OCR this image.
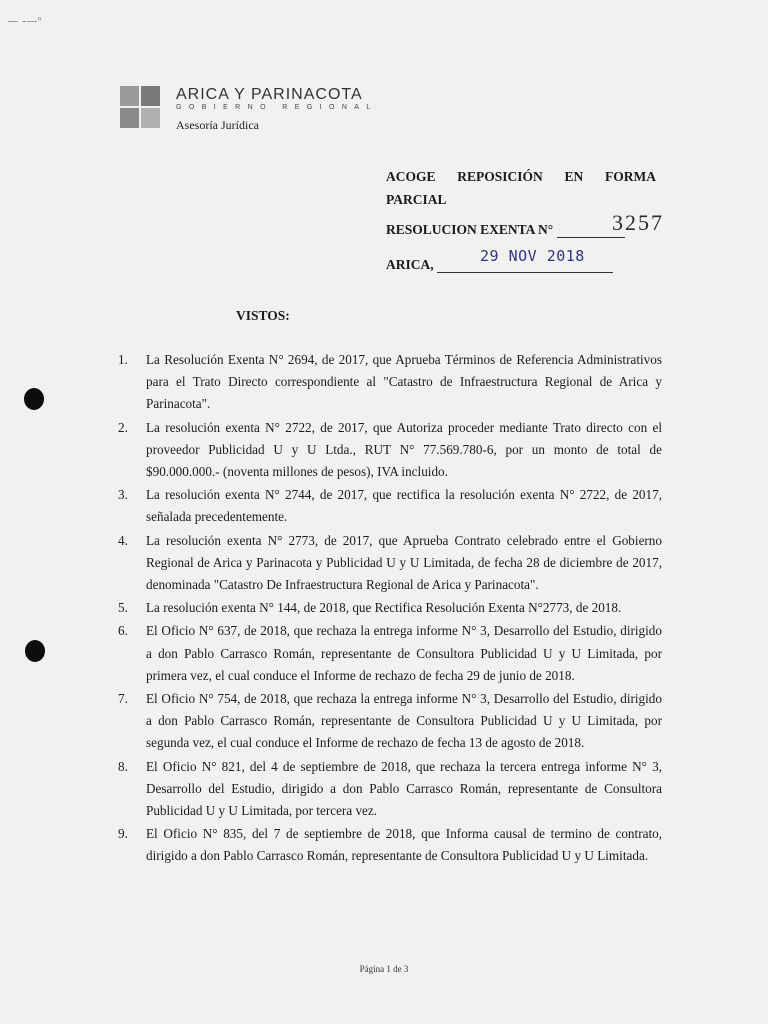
— -—º
ARICA Y PARINACOTA
GOBIERNO REGIONAL
Asesoría Jurídica
ACOGE REPOSICIÓN EN FORMA PARCIAL
RESOLUCION EXENTA N°	3257
ARICA,	29 NOV 2018
VISTOS:
1. La Resolución Exenta N° 2694, de 2017, que Aprueba Términos de Referencia Administrativos para el Trato Directo correspondiente al "Catastro de Infraestructura Regional de Arica y Parinacota".
2. La resolución exenta N° 2722, de 2017, que Autoriza proceder mediante Trato directo con el proveedor Publicidad U y U Ltda., RUT N° 77.569.780-6, por un monto de total de $90.000.000.- (noventa millones de pesos), IVA incluido.
3. La resolución exenta N° 2744, de 2017, que rectifica la resolución exenta N° 2722, de 2017, señalada precedentemente.
4. La resolución exenta N° 2773, de 2017, que Aprueba Contrato celebrado entre el Gobierno Regional de Arica y Parinacota y Publicidad U y U Limitada, de fecha 28 de diciembre de 2017, denominada "Catastro De Infraestructura Regional de Arica y Parinacota".
5. La resolución exenta N° 144, de 2018, que Rectifica Resolución Exenta N°2773, de 2018.
6. El Oficio N° 637, de 2018, que rechaza la entrega informe N° 3, Desarrollo del Estudio, dirigido a don Pablo Carrasco Román, representante de Consultora Publicidad U y U Limitada, por primera vez, el cual conduce el Informe de rechazo de fecha 29 de junio de 2018.
7. El Oficio N° 754, de 2018, que rechaza la entrega informe N° 3, Desarrollo del Estudio, dirigido a don Pablo Carrasco Román, representante de Consultora Publicidad U y U Limitada, por segunda vez, el cual conduce el Informe de rechazo de fecha 13 de agosto de 2018.
8. El Oficio N° 821, del 4 de septiembre de 2018, que rechaza la tercera entrega informe N° 3, Desarrollo del Estudio, dirigido a don Pablo Carrasco Román, representante de Consultora Publicidad U y U Limitada, por tercera vez.
9. El Oficio N° 835, del 7 de septiembre de 2018, que Informa causal de termino de contrato, dirigido a don Pablo Carrasco Román, representante de Consultora Publicidad U y U Limitada.
Página 1 de 3
